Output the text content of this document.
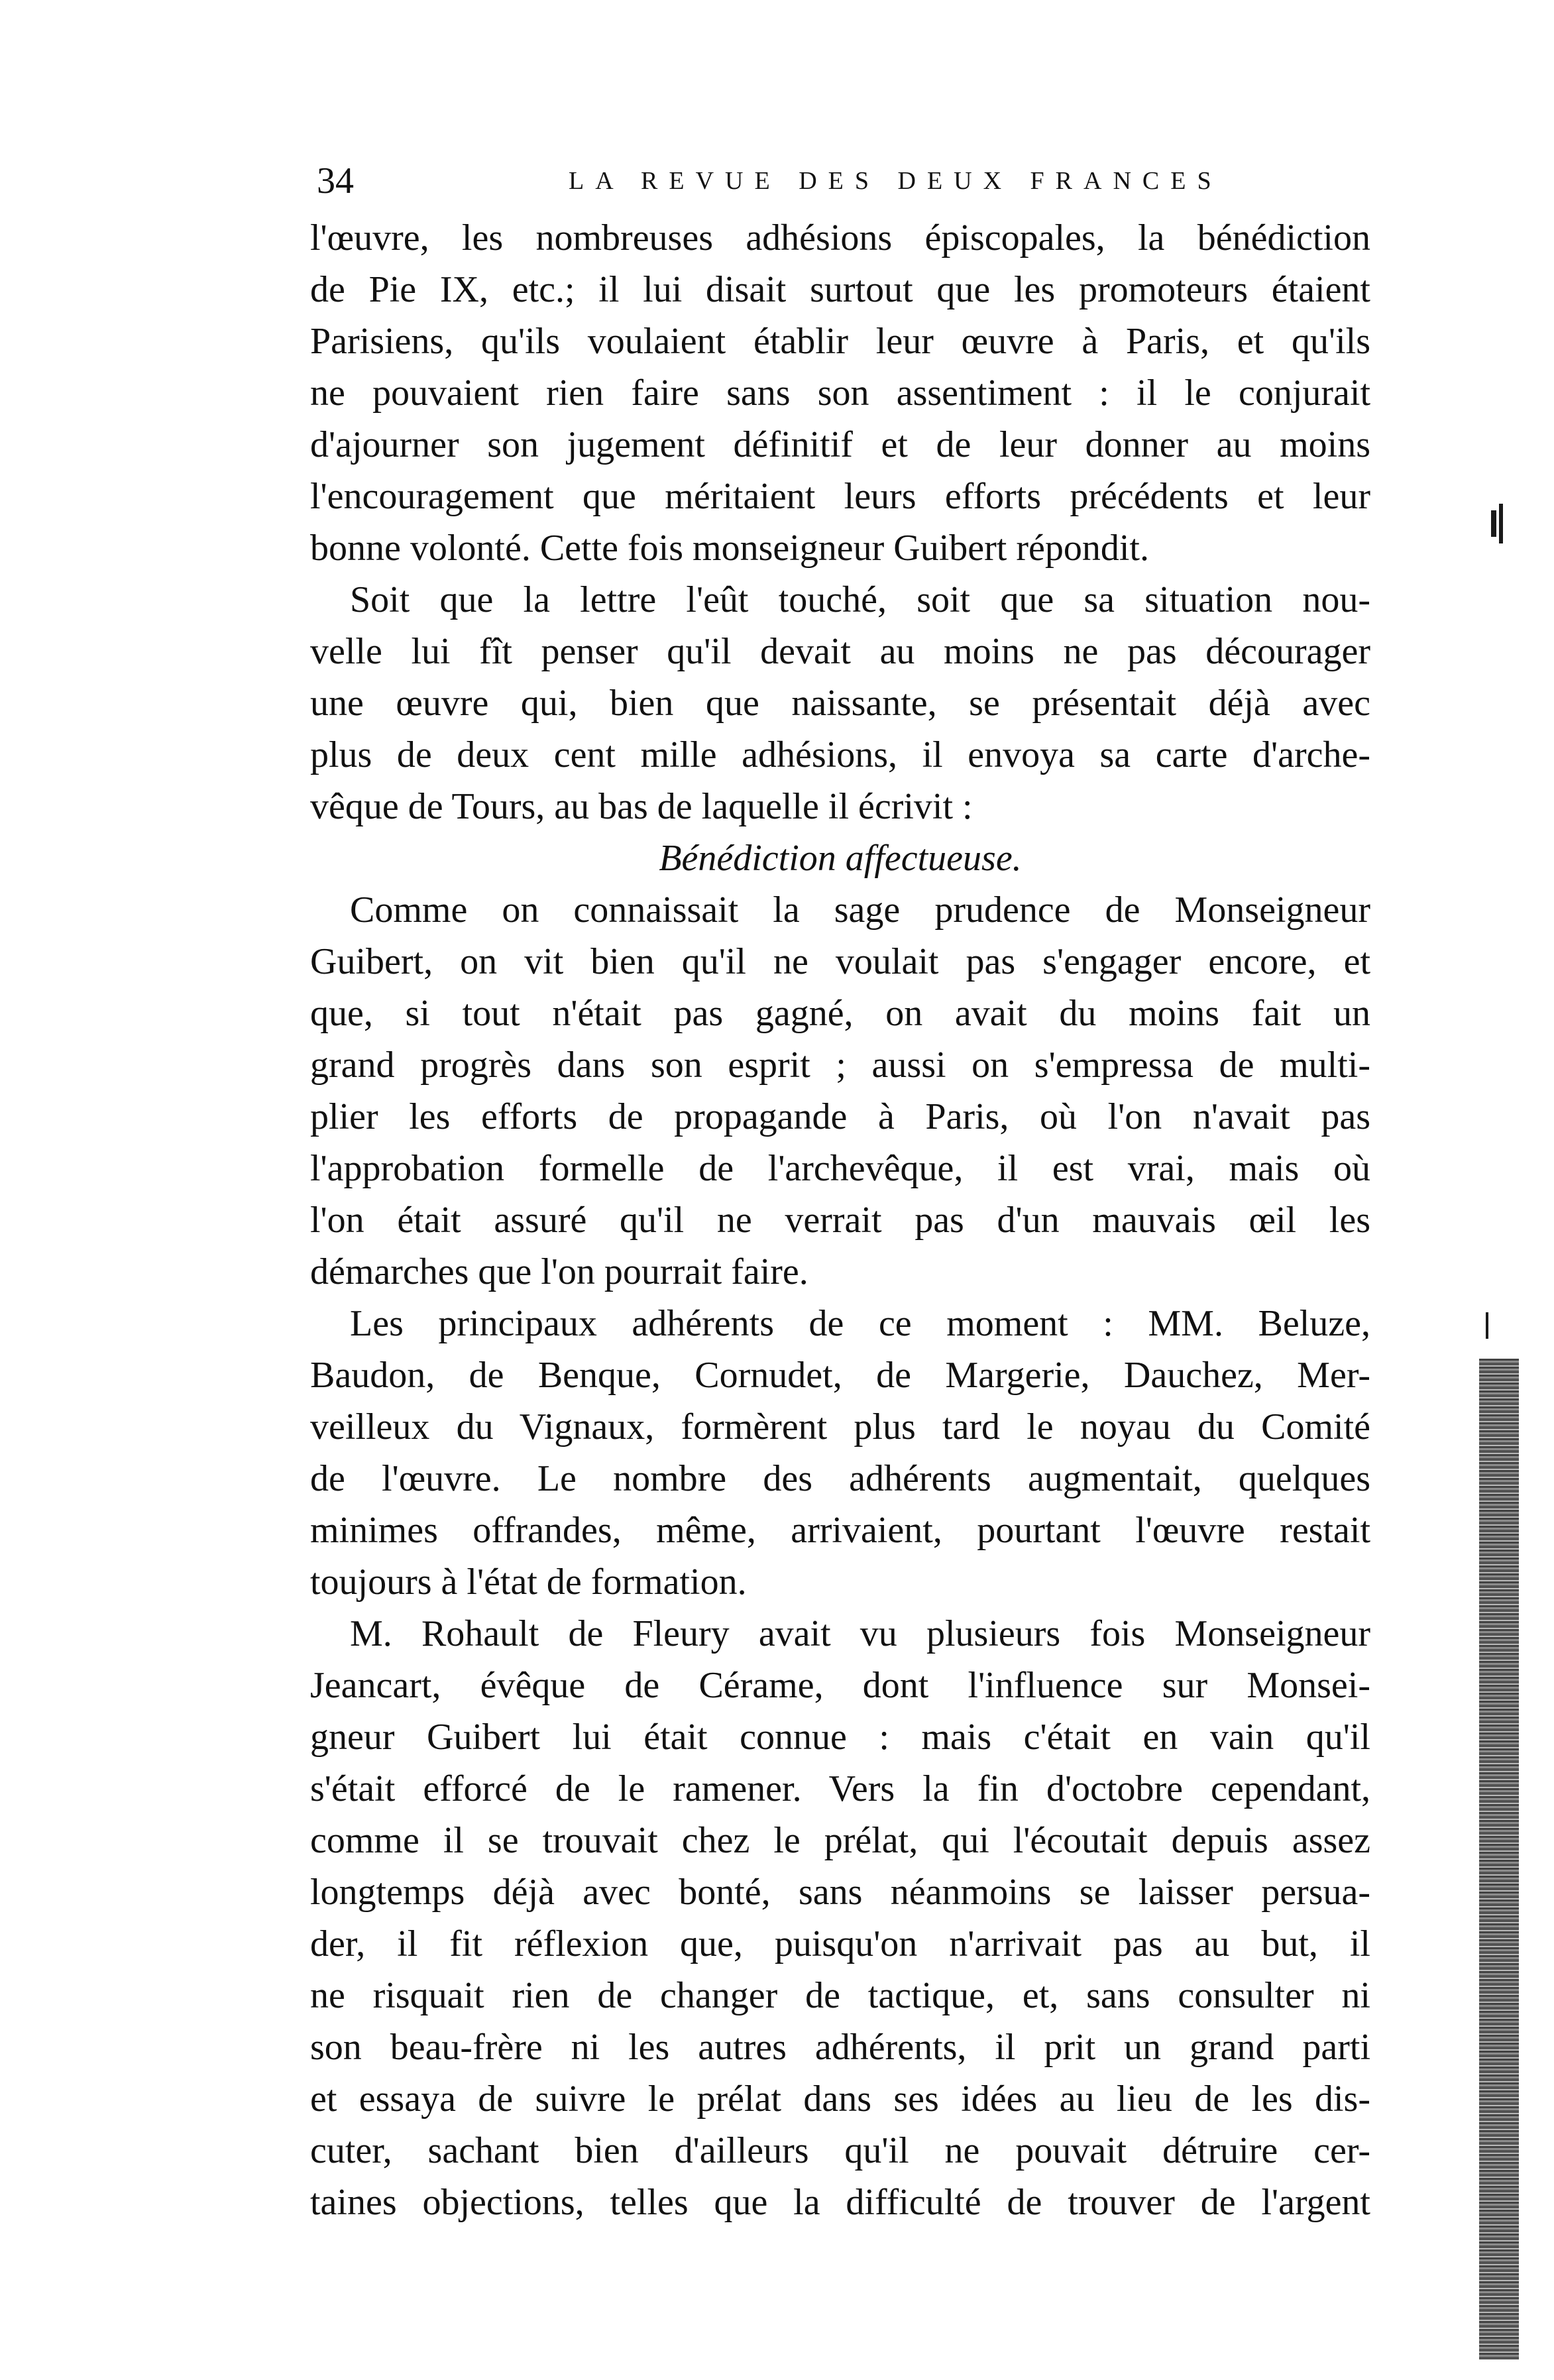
34	LA REVUE DES DEUX FRANCES
l'œuvre, les nombreuses adhésions épiscopales, la bénédiction
de Pie IX, etc.; il lui disait surtout que les promoteurs étaient
Parisiens, qu'ils voulaient établir leur œuvre à Paris, et qu'ils
ne pouvaient rien faire sans son assentiment : il le conjurait
d'ajourner son jugement définitif et de leur donner au moins
l'encouragement que méritaient leurs efforts précédents et leur
bonne volonté. Cette fois monseigneur Guibert répondit.
Soit que la lettre l'eût touché, soit que sa situation nou-
velle lui fît penser qu'il devait au moins ne pas décourager
une œuvre qui, bien que naissante, se présentait déjà avec
plus de deux cent mille adhésions, il envoya sa carte d'arche-
vêque de Tours, au bas de laquelle il écrivit :
Bénédiction affectueuse.
Comme on connaissait la sage prudence de Monseigneur
Guibert, on vit bien qu'il ne voulait pas s'engager encore, et
que, si tout n'était pas gagné, on avait du moins fait un
grand progrès dans son esprit ; aussi on s'empressa de multi-
plier les efforts de propagande à Paris, où l'on n'avait pas
l'approbation formelle de l'archevêque, il est vrai, mais où
l'on était assuré qu'il ne verrait pas d'un mauvais œil les
démarches que l'on pourrait faire.
Les principaux adhérents de ce moment : MM. Beluze,
Baudon, de Benque, Cornudet, de Margerie, Dauchez, Mer-
veilleux du Vignaux, formèrent plus tard le noyau du Comité
de l'œuvre. Le nombre des adhérents augmentait, quelques
minimes offrandes, même, arrivaient, pourtant l'œuvre restait
toujours à l'état de formation.
M. Rohault de Fleury avait vu plusieurs fois Monseigneur
Jeancart, évêque de Cérame, dont l'influence sur Monsei-
gneur Guibert lui était connue : mais c'était en vain qu'il
s'était efforcé de le ramener. Vers la fin d'octobre cependant,
comme il se trouvait chez le prélat, qui l'écoutait depuis assez
longtemps déjà avec bonté, sans néanmoins se laisser persua-
der, il fit réflexion que, puisqu'on n'arrivait pas au but, il
ne risquait rien de changer de tactique, et, sans consulter ni
son beau-frère ni les autres adhérents, il prit un grand parti
et essaya de suivre le prélat dans ses idées au lieu de les dis-
cuter, sachant bien d'ailleurs qu'il ne pouvait détruire cer-
taines objections, telles que la difficulté de trouver de l'argent
